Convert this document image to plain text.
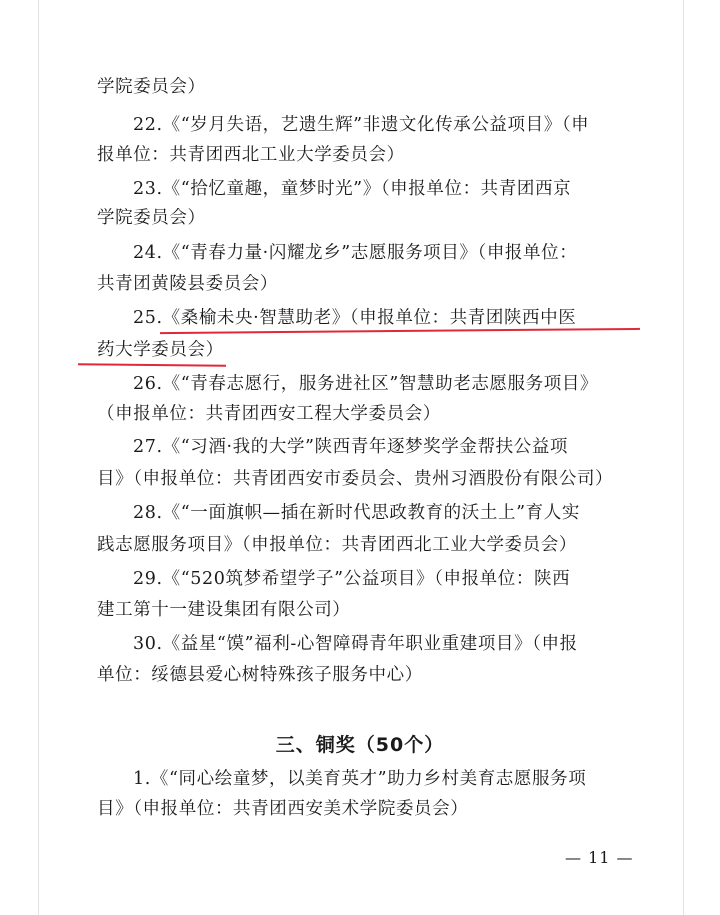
学院委员会）
22.《“岁月失语，艺遗生辉”非遗文化传承公益项目》（申
报单位：共青团西北工业大学委员会）
23.《“拾忆童趣，童梦时光”》（申报单位：共青团西京
学院委员会）
24.《“青春力量·闪耀龙乡”志愿服务项目》（申报单位：
共青团黄陵县委员会）
25.《桑榆未央·智慧助老》（申报单位：共青团陕西中医
药大学委员会）
26.《“青春志愿行，服务进社区”智慧助老志愿服务项目》
（申报单位：共青团西安工程大学委员会）
27.《“习酒·我的大学”陕西青年逐梦奖学金帮扶公益项
目》（申报单位：共青团西安市委员会、贵州习酒股份有限公司）
28.《“一面旗帜—插在新时代思政教育的沃土上”育人实
践志愿服务项目》（申报单位：共青团西北工业大学委员会）
29.《“520筑梦希望学子”公益项目》（申报单位：陕西
建工第十一建设集团有限公司）
30.《益星“馍”福利-心智障碍青年职业重建项目》（申报
单位：绥德县爱心树特殊孩子服务中心）
三、铜奖（50个）
1.《“同心绘童梦，以美育英才”助力乡村美育志愿服务项
目》（申报单位：共青团西安美术学院委员会）
— 11 —
